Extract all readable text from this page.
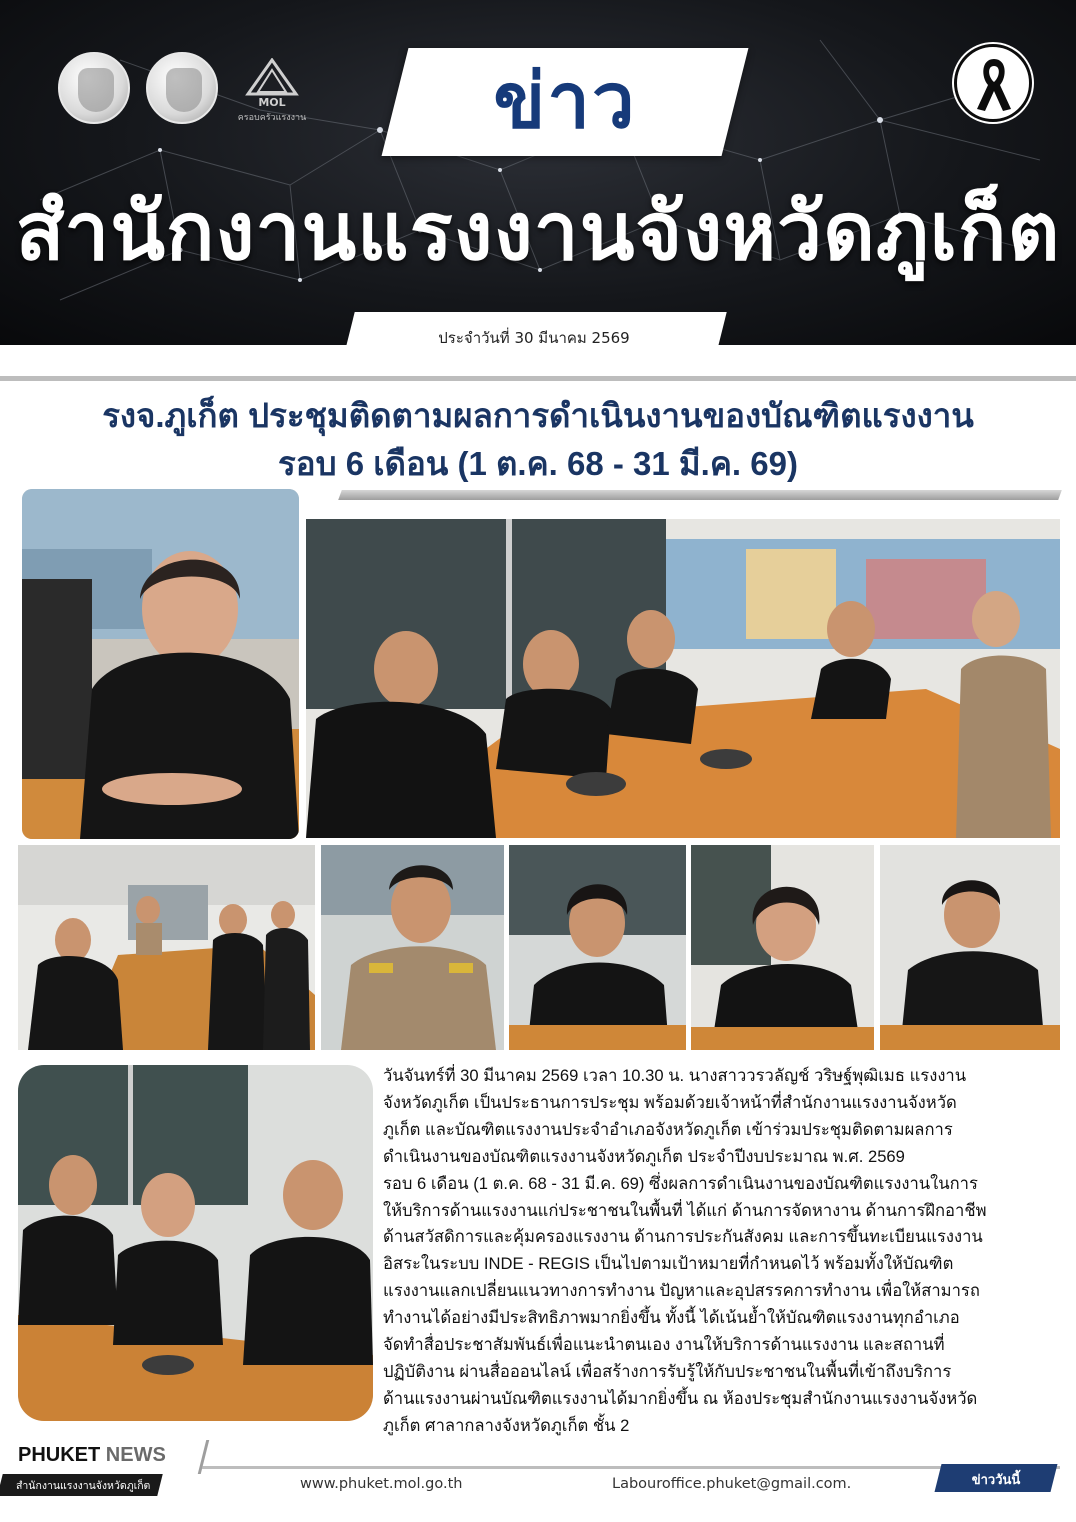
MOL
ครอบครัวแรงงาน	ข่าว
สำนักงานแรงงานจังหวัดภูเก็ต
ประจำวันที่ 30 มีนาคม 2569
รงจ.ภูเก็ต ประชุมติดตามผลการดำเนินงานของบัณฑิตแรงงาน
รอบ 6 เดือน (1 ต.ค. 68 - 31 มี.ค. 69)

วันจันทร์ที่ 30 มีนาคม 2569 เวลา 10.30 น. นางสาววรวลัญช์ วริษฐ์พุฒิเมธ แรงงาน

จังหวัดภูเก็ต เป็นประธานการประชุม พร้อมด้วยเจ้าหน้าที่สำนักงานแรงงานจังหวัด

ภูเก็ต และบัณฑิตแรงงานประจำอำเภอจังหวัดภูเก็ต เข้าร่วมประชุมติดตามผลการ

ดำเนินงานของบัณฑิตแรงงานจังหวัดภูเก็ต ประจำปีงบประมาณ พ.ศ. 2569

รอบ 6 เดือน (1 ต.ค. 68 - 31 มี.ค. 69) ซึ่งผลการดำเนินงานของบัณฑิตแรงงานในการ

ให้บริการด้านแรงงานแก่ประชาชนในพื้นที่ ได้แก่ ด้านการจัดหางาน ด้านการฝึกอาชีพ

ด้านสวัสดิการและคุ้มครองแรงงาน ด้านการประกันสังคม และการขึ้นทะเบียนแรงงาน

อิสระในระบบ INDE - REGIS เป็นไปตามเป้าหมายที่กำหนดไว้ พร้อมทั้งให้บัณฑิต

แรงงานแลกเปลี่ยนแนวทางการทำงาน ปัญหาและอุปสรรคการทำงาน เพื่อให้สามารถ

ทำงานได้อย่างมีประสิทธิภาพมากยิ่งขึ้น ทั้งนี้ ได้เน้นย้ำให้บัณฑิตแรงงานทุกอำเภอ

จัดทำสื่อประชาสัมพันธ์เพื่อแนะนำตนเอง งานให้บริการด้านแรงงาน และสถานที่

ปฏิบัติงาน ผ่านสื่อออนไลน์ เพื่อสร้างการรับรู้ให้กับประชาชนในพื้นที่เข้าถึงบริการ

ด้านแรงงานผ่านบัณฑิตแรงงานได้มากยิ่งขึ้น ณ ห้องประชุมสำนักงานแรงงานจังหวัด

ภูเก็ต ศาลากลางจังหวัดภูเก็ต ชั้น 2

PHUKET NEWS
สำนักงานแรงงานจังหวัดภูเก็ต	www.phuket.mol.go.th	Labouroffice.phuket@gmail.com.	ข่าววันนี้
